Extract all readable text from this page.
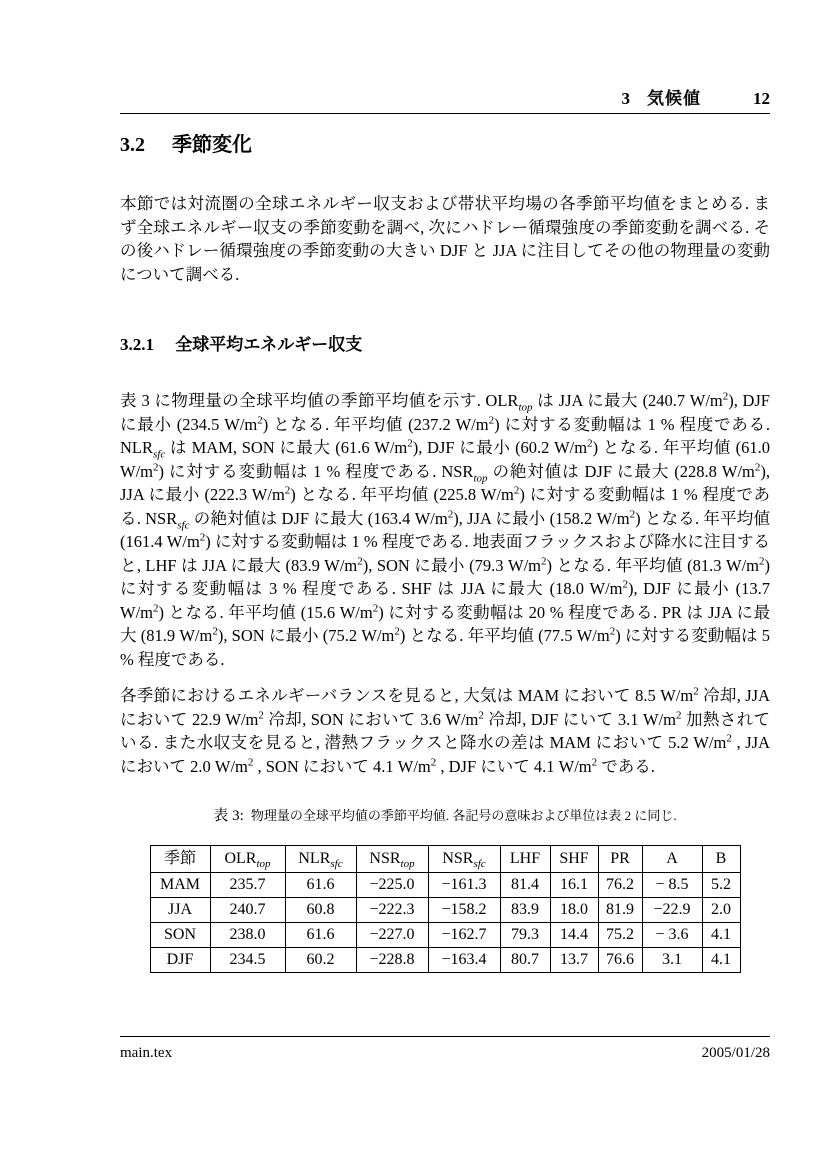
3 気候値	12
3.2 季節変化

本節では対流圏の全球エネルギー収支および帯状平均場の各季節平均値をまとめる. まず全球エネルギー収支の季節変動を調べ, 次にハドレー循環強度の季節変動を調べる. その後ハドレー循環強度の季節変動の大きい DJF と JJA に注目してその他の物理量の変動について調べる.

3.2.1 全球平均エネルギー収支

表 3 に物理量の全球平均値の季節平均値を示す. $OLR_{top}$ は JJA に最大 (240.7 $W/m^2$), DJF に最小 (234.5 $W/m^2$) となる. 年平均値 (237.2 $W/m^2$) に対する変動幅は 1 % 程度である. $NLR_{sfc}$ は MAM, SON に最大 (61.6 $W/m^2$), DJF に最小 (60.2 $W/m^2$) となる. 年平均値 (61.0 $W/m^2$) に対する変動幅は 1 % 程度である. $NSR_{top}$ の絶対値は DJF に最大 (228.8 $W/m^2$), JJA に最小 (222.3 $W/m^2$) となる. 年平均値 (225.8 $W/m^2$) に対する変動幅は 1 % 程度である. $NSR_{sfc}$ の絶対値は DJF に最大 (163.4 $W/m^2$), JJA に最小 (158.2 $W/m^2$) となる. 年平均値 (161.4 $W/m^2$) に対する変動幅は 1 % 程度である. 地表面フラックスおよび降水に注目すると, LHF は JJA に最大 (83.9 $W/m^2$), SON に最小 (79.3 $W/m^2$) となる. 年平均値 (81.3 $W/m^2$) に対する変動幅は 3 % 程度である. SHF は JJA に最大 (18.0 $W/m^2$), DJF に最小 (13.7 $W/m^2$) となる. 年平均値 (15.6 $W/m^2$) に対する変動幅は 20 % 程度である. PR は JJA に最大 (81.9 $W/m^2$), SON に最小 (75.2 $W/m^2$) となる. 年平均値 (77.5 $W/m^2$) に対する変動幅は 5 % 程度である.

各季節におけるエネルギーバランスを見ると, 大気は MAM において 8.5 $W/m^2$ 冷却, JJA において 22.9 $W/m^2$ 冷却, SON において 3.6 $W/m^2$ 冷却, DJF にいて 3.1 $W/m^2$ 加熱されている. また水収支を見ると, 潜熱フラックスと降水の差は MAM において 5.2 $W/m^2$ , JJA において 2.0 $W/m^2$ , SON において 4.1 $W/m^2$ , DJF にいて 4.1 $W/m^2$ である.

表 3: 物理量の全球平均値の季節平均値. 各記号の意味および単位は表 2 に同じ.
季節	$OLR_{top}$	$NLR_{sfc}$	$NSR_{top}$	$NSR_{sfc}$	LHF	SHF	PR	A	B
MAM	235.7	61.6	−225.0	−161.3	81.4	16.1	76.2	− 8.5	5.2
JJA	240.7	60.8	−222.3	−158.2	83.9	18.0	81.9	−22.9	2.0
SON	238.0	61.6	−227.0	−162.7	79.3	14.4	75.2	− 3.6	4.1
DJF	234.5	60.2	−228.8	−163.4	80.7	13.7	76.6	3.1	4.1
main.tex	2005/01/28
